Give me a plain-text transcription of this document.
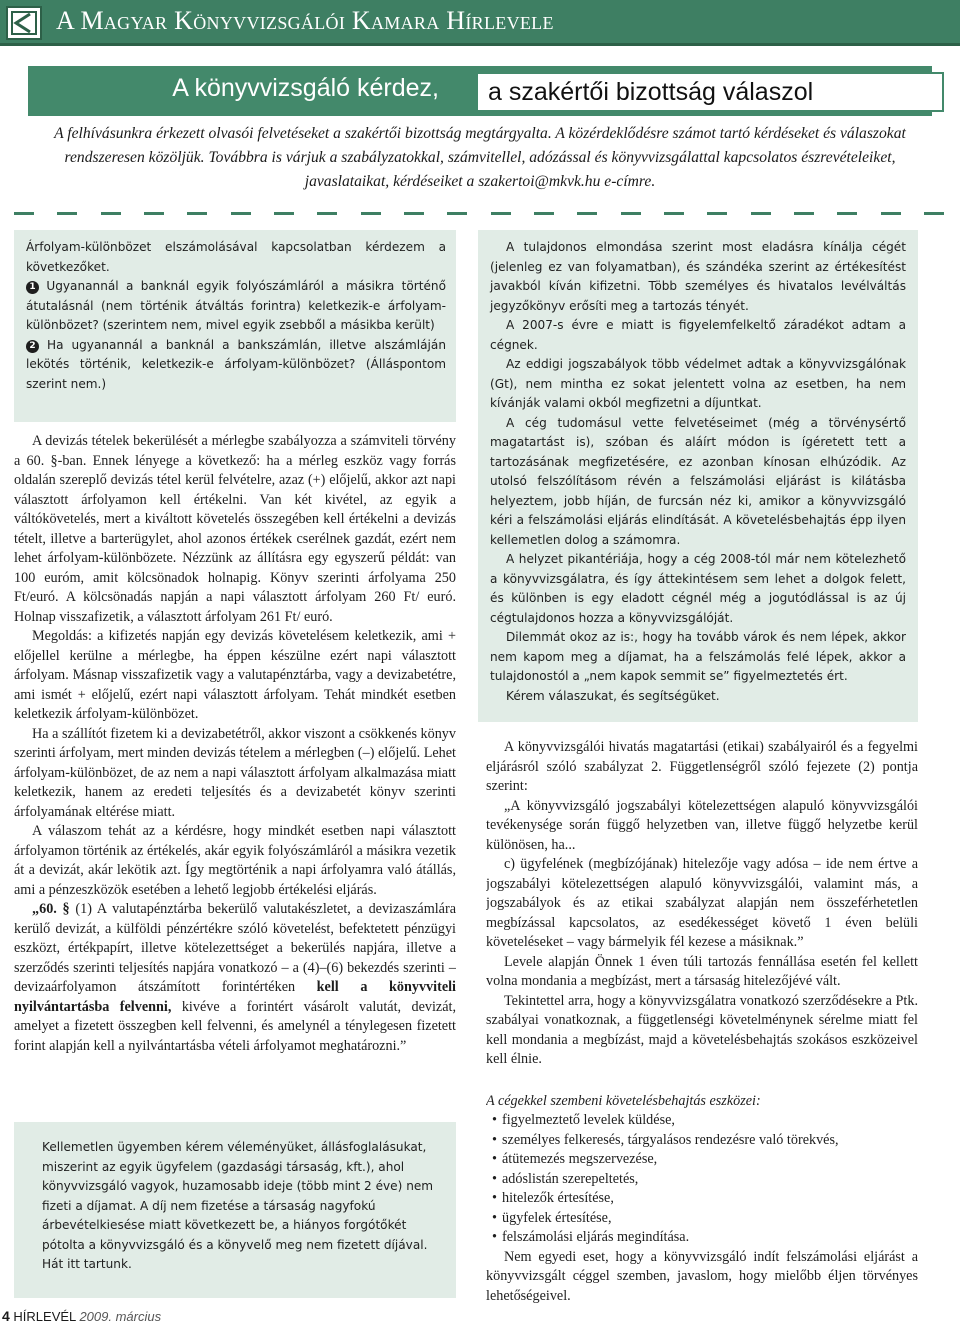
A Magyar Könyvvizsgálói Kamara Hírlevele
A könyvvizsgáló kérdez,	a szakértői bizottság válaszol

A felhívásunkra érkezett olvasói felvetéseket a szakértői bizottság megtárgyalta. A közérdeklődésre számot tartó kérdéseket és válaszokat rendszeresen közöljük. Továbbra is várjuk a szabályzatokkal, számvitellel, adózással és könyvvizsgálattal kapcsolatos észrevételeiket, javaslataikat, kérdéseiket a szakertoi@mkvk.hu e-címre.

Árfolyam-különbözet elszámolásával kapcsolatban kérdezem a következőket.

1 Ugyanannál a banknál egyik folyószámláról a másikra történő átutalásnál (nem történik átváltás forintra) keletkezik-e árfolyam-különbözet? (szerintem nem, mivel egyik zsebből a másikba került)

2 Ha ugyanannál a banknál a bankszámlán, illetve alszámláján lekötés történik, keletkezik-e árfolyam-különbözet? (Álláspontom szerint nem.)

A devizás tételek bekerülését a mérlegbe szabályozza a számviteli törvény a 60. §-ban. Ennek lényege a következő: ha a mérleg eszköz vagy forrás oldalán szereplő devizás tétel kerül felvételre, azaz (+) előjelű, akkor azt napi választott árfolyamon kell értékelni. Van két kivétel, az egyik a váltókövetelés, mert a kiváltott követelés összegében kell értékelni a devizás tételt, illetve a barterügylet, ahol azonos értékek cserélnek gazdát, ezért nem lehet árfolyam-különbözete. Nézzünk az állításra egy egyszerű példát: van 100 euróm, amit kölcsönadok holnapig. Könyv szerinti árfolyama 250 Ft/euró. A kölcsönadás napján a napi választott árfolyam 260 Ft/ euró. Holnap visszafizetik, a választott árfolyam 261 Ft/ euró.

Megoldás: a kifizetés napján egy devizás követelésem keletkezik, ami + előjellel kerülne a mérlegbe, ha éppen készülne ezért napi választott árfolyam. Másnap visszafizetik vagy a valutapénztárba, vagy a devizabetétre, ami ismét + előjelű, ezért napi választott árfolyam. Tehát mindkét esetben keletkezik árfolyam-különbözet.

Ha a szállítót fizetem ki a devizabetétről, akkor viszont a csökkenés könyv szerinti árfolyam, mert minden devizás tételem a mérlegben (–) előjelű. Lehet árfolyam-különbözet, de az nem a napi választott árfolyam alkalmazása miatt keletkezik, hanem az eredeti teljesítés és a devizabetét könyv szerinti árfolyamának eltérése miatt.

A válaszom tehát az a kérdésre, hogy mindkét esetben napi választott árfolyamon történik az értékelés, akár egyik folyószámláról a másikra vezetik át a devizát, akár lekötik azt. Így megtörténik a napi árfolyamra való átállás, ami a pénzeszközök esetében a lehető legjobb értékelési eljárás.

„60. § (1) A valutapénztárba bekerülő valutakészletet, a devizaszámlára kerülő devizát, a külföldi pénzértékre szóló követelést, befektetett pénzügyi eszközt, értékpapírt, illetve kötelezettséget a bekerülés napjára, illetve a szerződés szerinti teljesítés napjára vonatkozó – a (4)–(6) bekezdés szerinti – devizaárfolyamon átszámított forintértéken kell a könyvviteli nyilvántartásba felvenni, kivéve a forintért vásárolt valutát, devizát, amelyet a fizetett összegben kell felvenni, és amelynél a ténylegesen fizetett forint alapján kell a nyilvántartásba vételi árfolyamot meghatározni.”

A tulajdonos elmondása szerint most eladásra kínálja cégét (jelenleg ez van folyamatban), és szándéka szerint az értékesítést javakból kíván kifizetni. Több személyes és hivatalos levélváltás jegyzőkönyv erősíti meg a tartozás tényét.

A 2007-s évre e miatt is figyelemfelkeltő záradékot adtam a cégnek.

Az eddigi jogszabályok több védelmet adtak a könyvvizsgálónak (Gt), nem mintha ez sokat jelentett volna az esetben, ha nem kívánják valami okból megfizetni a díjuntkat.

A cég tudomásul vette felvetéseimet (még a törvénysértő magatartást is), szóban és aláírt módon is ígéretett tett a tartozásának megfizetésére, ez azonban kínosan elhúzódik. Az utolsó felszólításom révén a felszámolási eljárást is kilátásba helyeztem, jobb híján, de furcsán néz ki, amikor a könyvvizsgáló kéri a felszámolási eljárás elindítását. A követelésbehajtás épp ilyen kellemetlen dolog a számomra.

A helyzet pikantériája, hogy a cég 2008-tól már nem kötelezhető a könyvvizsgálatra, és így áttekintésem sem lehet a dolgok felett, és különben is egy eladott cégnél még a jogutódlással is az új cégtulajdonos hozza a könyvvizsgálóját.

Dilemmát okoz az is:, hogy ha tovább várok és nem lépek, akkor nem kapom meg a díjamat, ha a felszámolás felé lépek, akkor a tulajdonostól a „nem kapok semmit se” figyelmeztetés ért.

Kérem válaszukat, és segítségüket.

Kellemetlen ügyemben kérem véleményüket, állásfoglalásukat, miszerint az egyik ügyfelem (gazdasági társaság, kft.), ahol könyvvizsgáló vagyok, huzamosabb ideje (több mint 2 éve) nem fizeti a díjamat. A díj nem fizetése a társaság nagyfokú árbevételkiesése miatt következett be, a hiányos forgótőkét pótolta a könyvvizsgáló és a könyvelő meg nem fizetett díjával. Hát itt tartunk.

A könyvvizsgálói hivatás magatartási (etikai) szabályairól és a fegyelmi eljárásról szóló szabályzat 2. Függetlenségről szóló fejezete (2) pontja szerint:

„A könyvvizsgáló jogszabályi kötelezettségen alapuló könyvvizsgálói tevékenysége során függő helyzetben van, illetve függő helyzetbe kerül különösen, ha...

c) ügyfelének (megbízójának) hitelezője vagy adósa – ide nem értve a jogszabályi kötelezettségen alapuló könyvvizsgálói, valamint más, a jogszabályok és az etikai szabályzat alapján nem összeférhetetlen megbízással kapcsolatos, az esedékességet követő 1 éven belüli követeléseket – vagy bármelyik fél kezese a másiknak.”

Levele alapján Önnek 1 éven túli tartozás fennállása esetén fel kellett volna mondania a megbízást, mert a társaság hitelezőjévé vált.

Tekintettel arra, hogy a könyvvizsgálatra vonatkozó szerződésekre a Ptk. szabályai vonatkoznak, a függetlenségi követelménynek sérelme miatt fel kell mondania a megbízást, majd a követelésbehajtás szokásos eszközeivel kell élnie.

A cégekkel szembeni követelésbehajtás eszközei:

• figyelmeztető levelek küldése,
• személyes felkeresés, tárgyalásos rendezésre való törekvés,
• átütemezés megszervezése,
• adóslistán szerepeltetés,
• hitelezők értesítése,
• ügyfelek értesítése,
• felszámolási eljárás megindítása.

Nem egyedi eset, hogy a könyvvizsgáló indít felszámolási eljárást a könyvvizsgált céggel szemben, javaslom, hogy mielőbb éljen törvényes lehetőségeivel.

4 HÍRLEVÉL 2009. március
